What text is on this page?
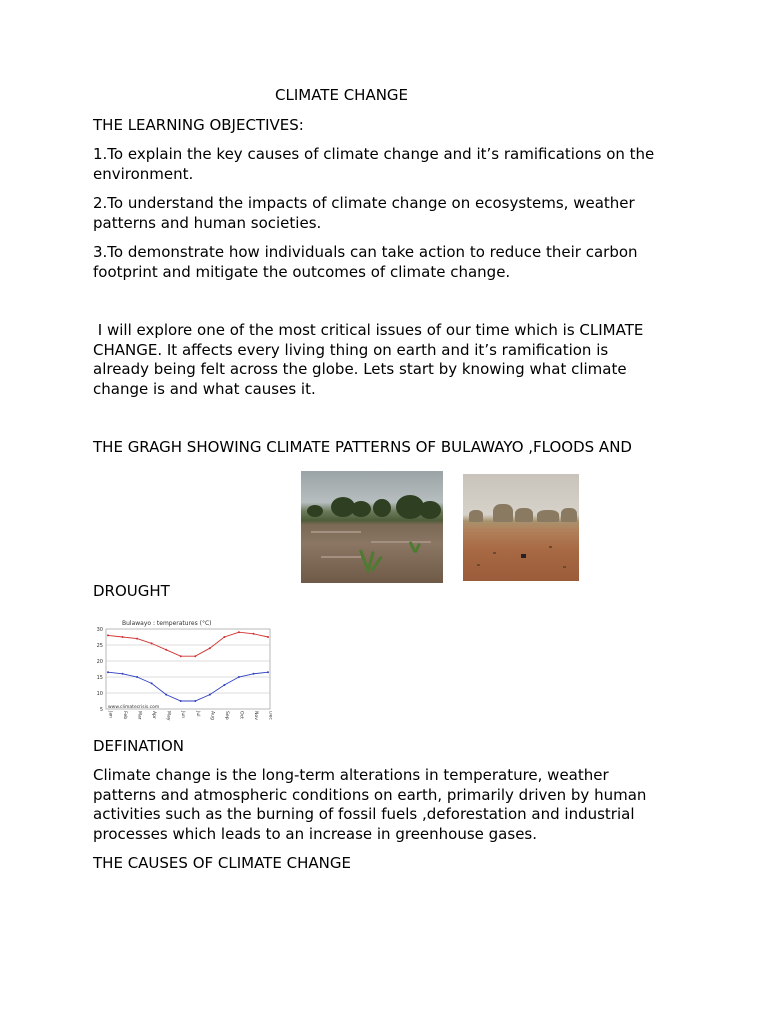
CLIMATE CHANGE
THE LEARNING OBJECTIVES:
1.To explain the key causes of climate change and it’s ramifications on the
environment.
2.To understand the impacts of climate change on ecosystems, weather
patterns and human societies.
3.To demonstrate how individuals can take action to reduce their carbon
footprint and mitigate the outcomes of climate change.
I will explore one of the most critical issues of our time which is CLIMATE
CHANGE. It affects every living thing on earth and it’s ramification is
already being felt across the globe. Lets start by knowing what climate
change is and what causes it.
THE GRAGH SHOWING CLIMATE PATTERNS OF BULAWAYO ,FLOODS AND
DROUGHT
Bulawayo : temperatures (°C)
www.climatecrisis.com
30
25
20
15
10
5
Jan Feb Mar Apr May Jun Jul Aug Sep Oct Nov Dec
DEFINATION
Climate change is the long-term alterations in temperature, weather
patterns and atmospheric conditions on earth, primarily driven by human
activities such as the burning of fossil fuels ,deforestation and industrial
processes which leads to an increase in greenhouse gases.
THE CAUSES OF CLIMATE CHANGE
